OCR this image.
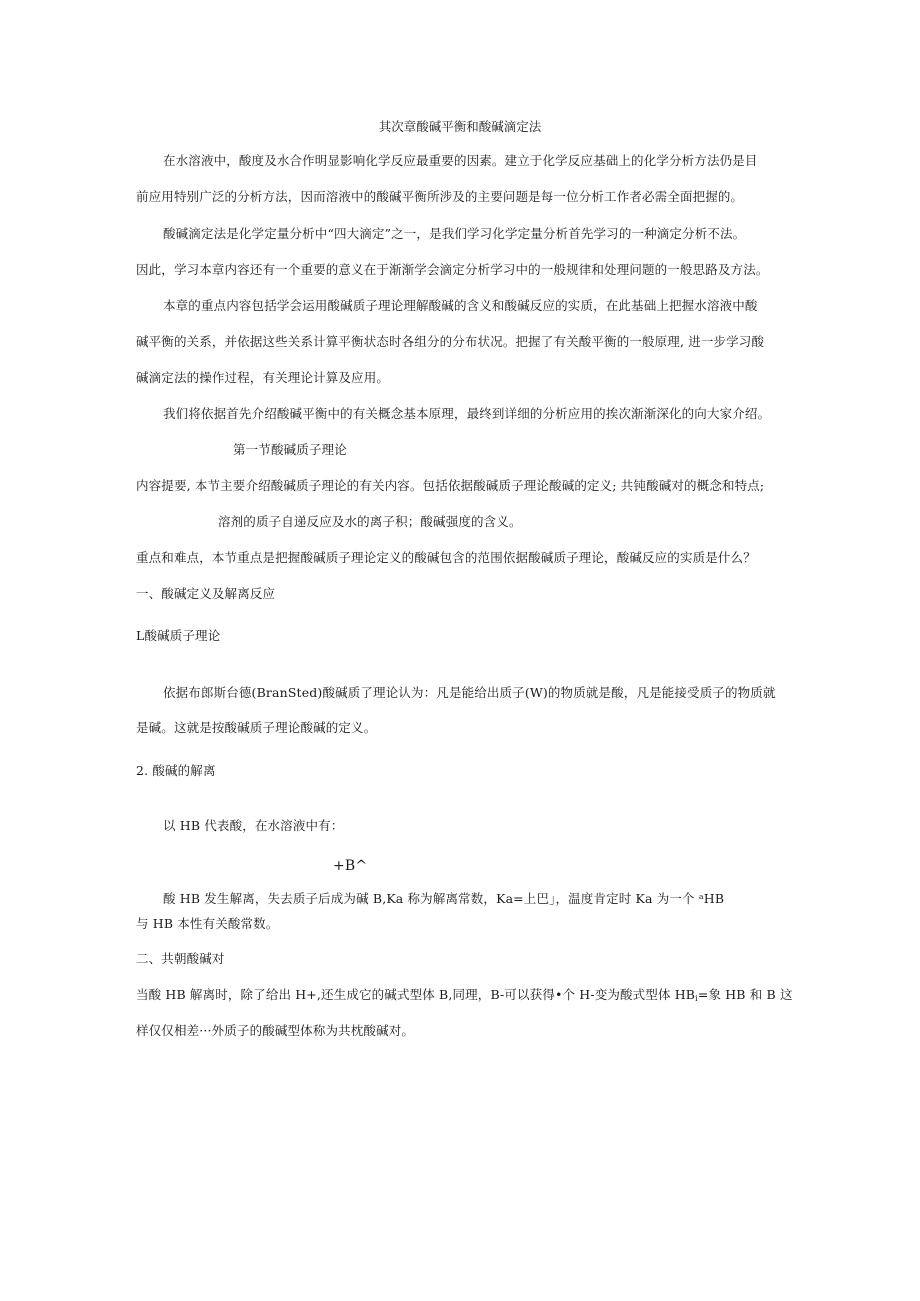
其次章酸碱平衡和酸碱滴定法
在水溶液中，酸度及水合作明显影响化学反应最重要的因素。建立于化学反应基础上的化学分析方法仍是目
前应用特别广泛的分析方法，因而溶液中的酸碱平衡所涉及的主要问题是每一位分析工作者必需全面把握的。
酸碱滴定法是化学定量分析中“四大滴定”之一，是我们学习化学定量分析首先学习的一种滴定分析不法。
因此，学习本章内容还有一个重要的意义在于渐渐学会滴定分析学习中的一般规律和处理问题的一般思路及方法。
本章的重点内容包括学会运用酸碱质子理论理解酸碱的含义和酸碱反应的实质，在此基础上把握水溶液中酸
碱平衡的关系，并依据这些关系计算平衡状态时各组分的分布状况。把握了有关酸平衡的一般原理, 进一步学习酸
碱滴定法的操作过程，有关理论计算及应用。
我们将依据首先介绍酸碱平衡中的有关概念基本原理，最终到详细的分析应用的挨次渐渐深化的向大家介绍。
第一节酸碱质子理论
内容提要, 本节主要介绍酸碱质子理论的有关内容。包括依据酸碱质子理论酸碱的定义; 共钝酸碱对的概念和特点;
溶剂的质子自递反应及水的离子积；酸碱强度的含义。
重点和难点，本节重点是把握酸碱质子理论定义的酸碱包含的范围依据酸碱质子理论，酸碱反应的实质是什么？
一、酸碱定义及解离反应
L酸碱质子理论
依据布郎斯台德(BranSted)酸碱质了理论认为：凡是能给出质子(W)的物质就是酸，凡是能接受质子的物质就
是碱。这就是按酸碱质子理论酸碱的定义。
2. 酸碱的解离
以 HB 代表酸，在水溶液中有：
+B^
酸 HB 发生解离，失去质子后成为碱 B,Ka 称为解离常数，Ka=上巴」，温度肯定时 Ka 为一个 ᵃHB
与 HB 本性有关酸常数。
二、共朝酸碱对
当酸 HB 解离时，除了给出 H+,还生成它的碱式型体 B,同理，B-可以获得•个 H-变为酸式型体 $HB_i=$象 HB 和 B 这
样仅仅相差···外质子的酸碱型体称为共枕酸碱对。
